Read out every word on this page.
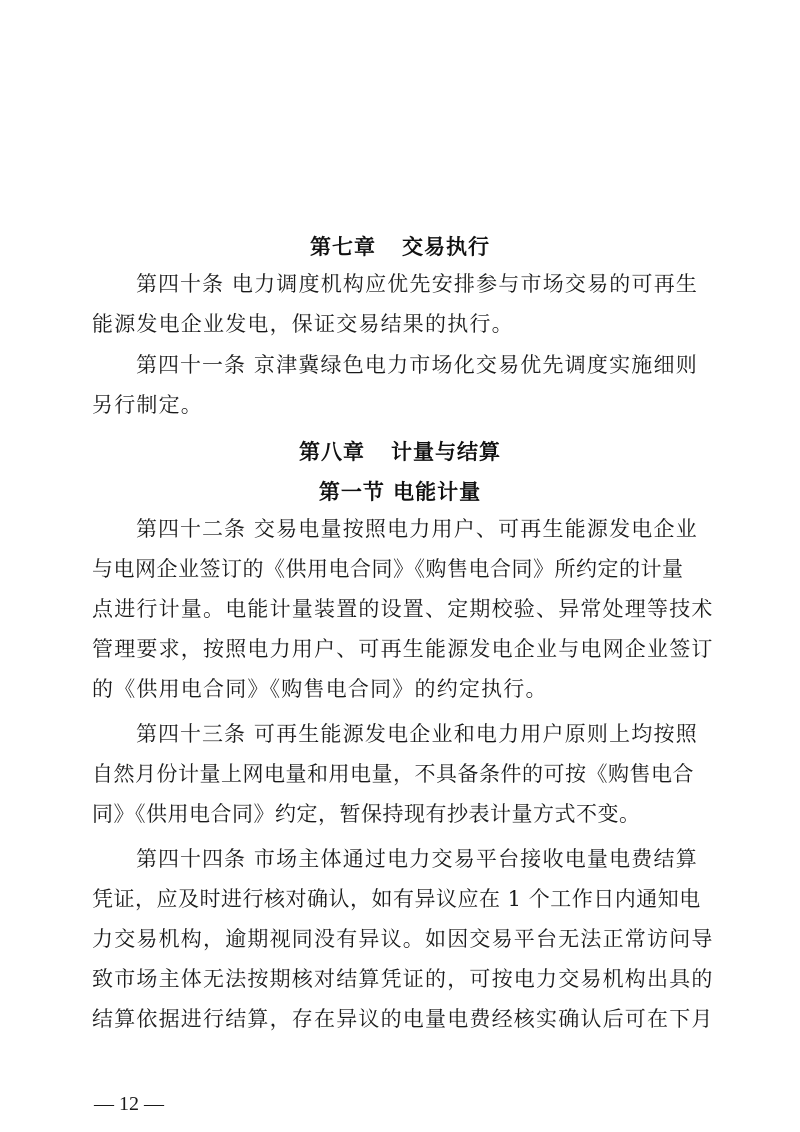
第七章 交易执行
第四十条 电力调度机构应优先安排参与市场交易的可再生
能源发电企业发电，保证交易结果的执行。
第四十一条 京津冀绿色电力市场化交易优先调度实施细则
另行制定。
第八章 计量与结算
第一节 电能计量
第四十二条 交易电量按照电力用户、可再生能源发电企业
与电网企业签订的《供用电合同》《购售电合同》所约定的计量
点进行计量。电能计量装置的设置、定期校验、异常处理等技术
管理要求，按照电力用户、可再生能源发电企业与电网企业签订
的《供用电合同》《购售电合同》的约定执行。
第四十三条 可再生能源发电企业和电力用户原则上均按照
自然月份计量上网电量和用电量，不具备条件的可按《购售电合
同》《供用电合同》约定，暂保持现有抄表计量方式不变。
第四十四条 市场主体通过电力交易平台接收电量电费结算
凭证，应及时进行核对确认，如有异议应在 1 个工作日内通知电
力交易机构，逾期视同没有异议。如因交易平台无法正常访问导
致市场主体无法按期核对结算凭证的，可按电力交易机构出具的
结算依据进行结算，存在异议的电量电费经核实确认后可在下月
— 12 —
